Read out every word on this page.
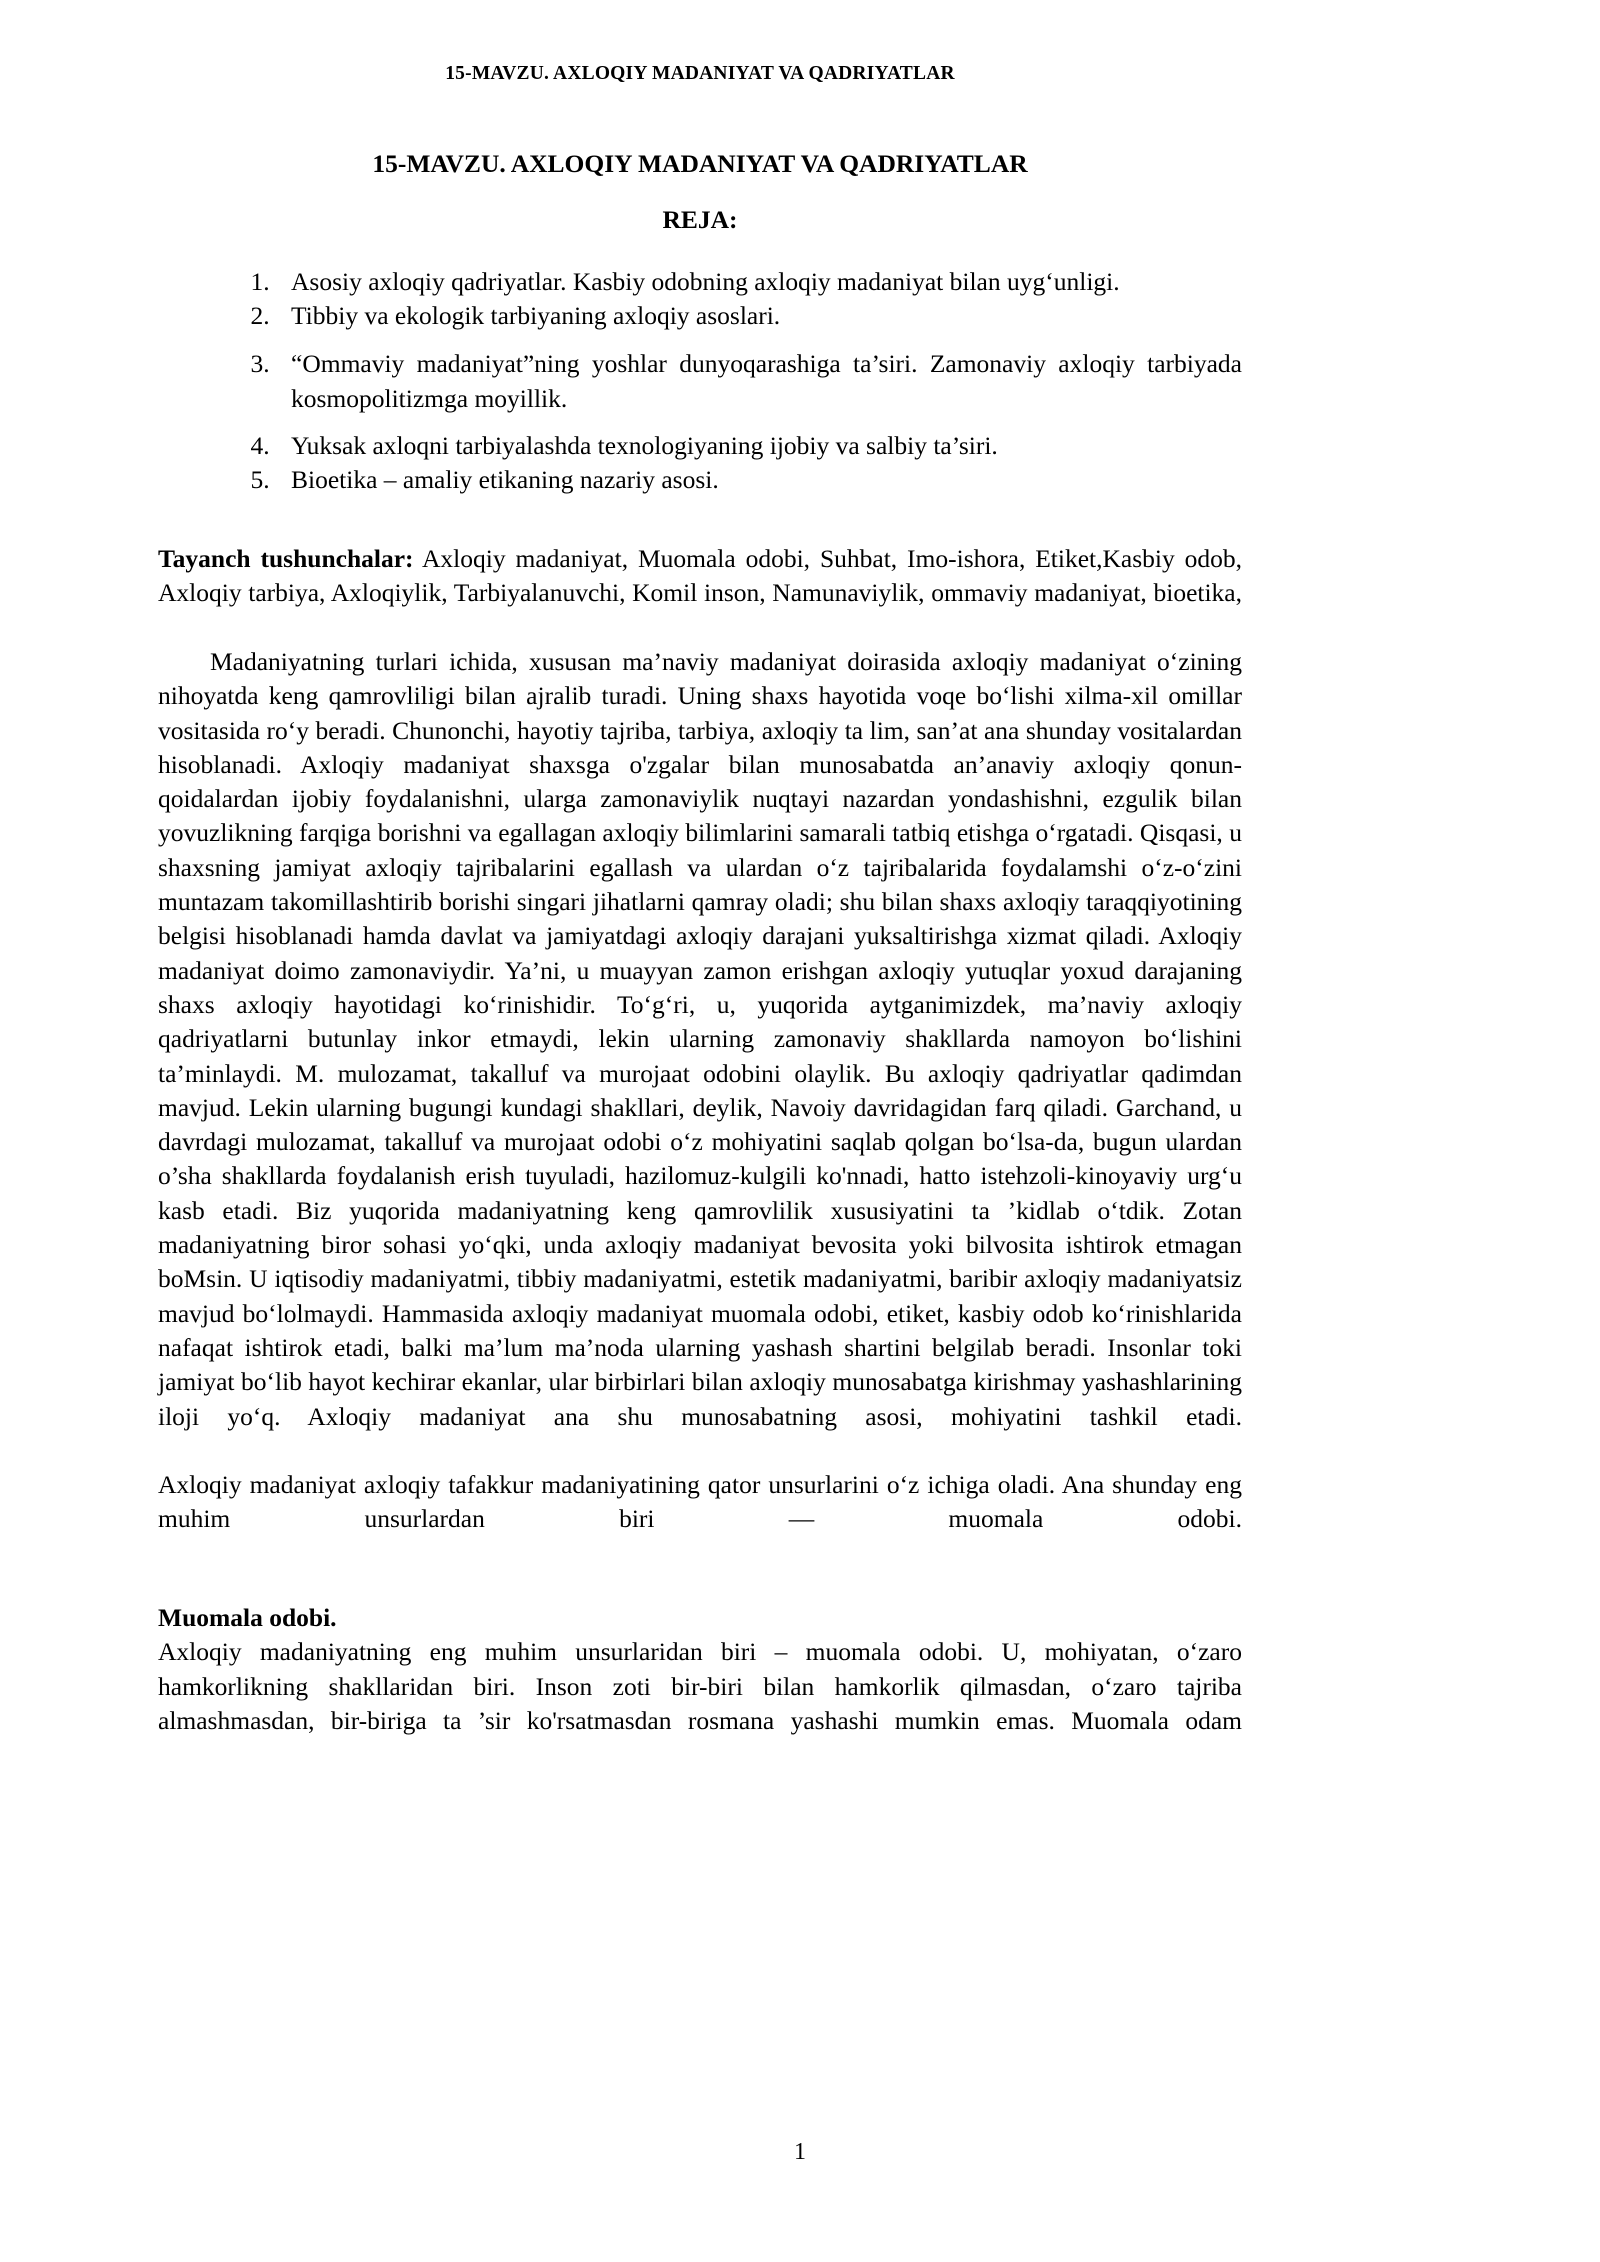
15-MAVZU. AXLOQIY MADANIYAT VA QADRIYATLAR
15-MAVZU. AXLOQIY MADANIYAT VA QADRIYATLAR
REJA:
1. Asosiy axloqiy qadriyatlar. Kasbiy odobning axloqiy madaniyat bilan uyg‘unligi.
2. Tibbiy va ekologik tarbiyaning axloqiy asoslari.
3. “Ommaviy madaniyat”ning yoshlar dunyoqarashiga ta’siri. Zamonaviy axloqiy tarbiyada kosmopolitizmga moyillik.
4. Yuksak axloqni tarbiyalashda texnologiyaning ijobiy va salbiy ta’siri.
5. Bioetika – amaliy etikaning nazariy asosi.

Tayanch tushunchalar: Axloqiy madaniyat, Muomala odobi, Suhbat, Imo-ishora, Etiket,Kasbiy odob, Axloqiy tarbiya, Axloqiylik, Tarbiyalanuvchi, Komil inson, Namunaviylik, ommaviy madaniyat, bioetika,

Madaniyatning turlari ichida, xususan ma’naviy madaniyat doirasida axloqiy madaniyat o‘zining nihoyatda keng qamrovliligi bilan ajralib turadi. Uning shaxs hayotida voqe bo‘lishi xilma-xil omillar vositasida ro‘y beradi. Chunonchi, hayotiy tajriba, tarbiya, axloqiy ta lim, san’at ana shunday vositalardan hisoblanadi. Axloqiy madaniyat shaxsga o'zgalar bilan munosabatda an’anaviy axloqiy qonun-qoidalardan ijobiy foydalanishni, ularga zamonaviylik nuqtayi nazardan yondashishni, ezgulik bilan yovuzlikning farqiga borishni va egallagan axloqiy bilimlarini samarali tatbiq etishga o‘rgatadi. Qisqasi, u shaxsning jamiyat axloqiy tajribalarini egallash va ulardan o‘z tajribalarida foydalamshi o‘z-o‘zini muntazam takomillashtirib borishi singari jihatlarni qamray oladi; shu bilan shaxs axloqiy taraqqiyotining belgisi hisoblanadi hamda davlat va jamiyatdagi axloqiy darajani yuksaltirishga xizmat qiladi. Axloqiy madaniyat doimo zamonaviydir. Ya’ni, u muayyan zamon erishgan axloqiy yutuqlar yoxud darajaning shaxs axloqiy hayotidagi ko‘rinishidir. To‘g‘ri, u, yuqorida aytganimizdek, ma’naviy axloqiy qadriyatlarni butunlay inkor etmaydi, lekin ularning zamonaviy shakllarda namoyon bo‘lishini ta’minlaydi. M. mulozamat, takalluf va murojaat odobini olaylik. Bu axloqiy qadriyatlar qadimdan mavjud. Lekin ularning bugungi kundagi shakllari, deylik, Navoiy davridagidan farq qiladi. Garchand, u davrdagi mulozamat, takalluf va murojaat odobi o‘z mohiyatini saqlab qolgan bo‘lsa-da, bugun ulardan o’sha shakllarda foydalanish erish tuyuladi, hazilomuz-kulgili ko'nnadi, hatto istehzoli-kinoyaviy urg‘u kasb etadi. Biz yuqorida madaniyatning keng qamrovlilik xususiyatini ta ’kidlab o‘tdik. Zotan madaniyatning biror sohasi yo‘qki, unda axloqiy madaniyat bevosita yoki bilvosita ishtirok etmagan boMsin. U iqtisodiy madaniyatmi, tibbiy madaniyatmi, estetik madaniyatmi, baribir axloqiy madaniyatsiz mavjud bo‘lolmaydi. Hammasida axloqiy madaniyat muomala odobi, etiket, kasbiy odob ko‘rinishlarida nafaqat ishtirok etadi, balki ma’lum ma’noda ularning yashash shartini belgilab beradi. Insonlar toki jamiyat bo‘lib hayot kechirar ekanlar, ular birbirlari bilan axloqiy munosabatga kirishmay yashashlarining iloji yo‘q. Axloqiy madaniyat ana shu munosabatning asosi, mohiyatini tashkil etadi.

Axloqiy madaniyat axloqiy tafakkur madaniyatining qator unsurlarini o‘z ichiga oladi. Ana shunday eng muhim unsurlardan biri — muomala odobi.

Muomala odobi.

Axloqiy madaniyatning eng muhim unsurlaridan biri – muomala odobi. U, mohiyatan, o‘zaro hamkorlikning shakllaridan biri. Inson zoti bir-biri bilan hamkorlik qilmasdan, o‘zaro tajriba almashmasdan, bir-biriga ta ’sir ko'rsatmasdan rosmana yashashi mumkin emas. Muomala odam

1
